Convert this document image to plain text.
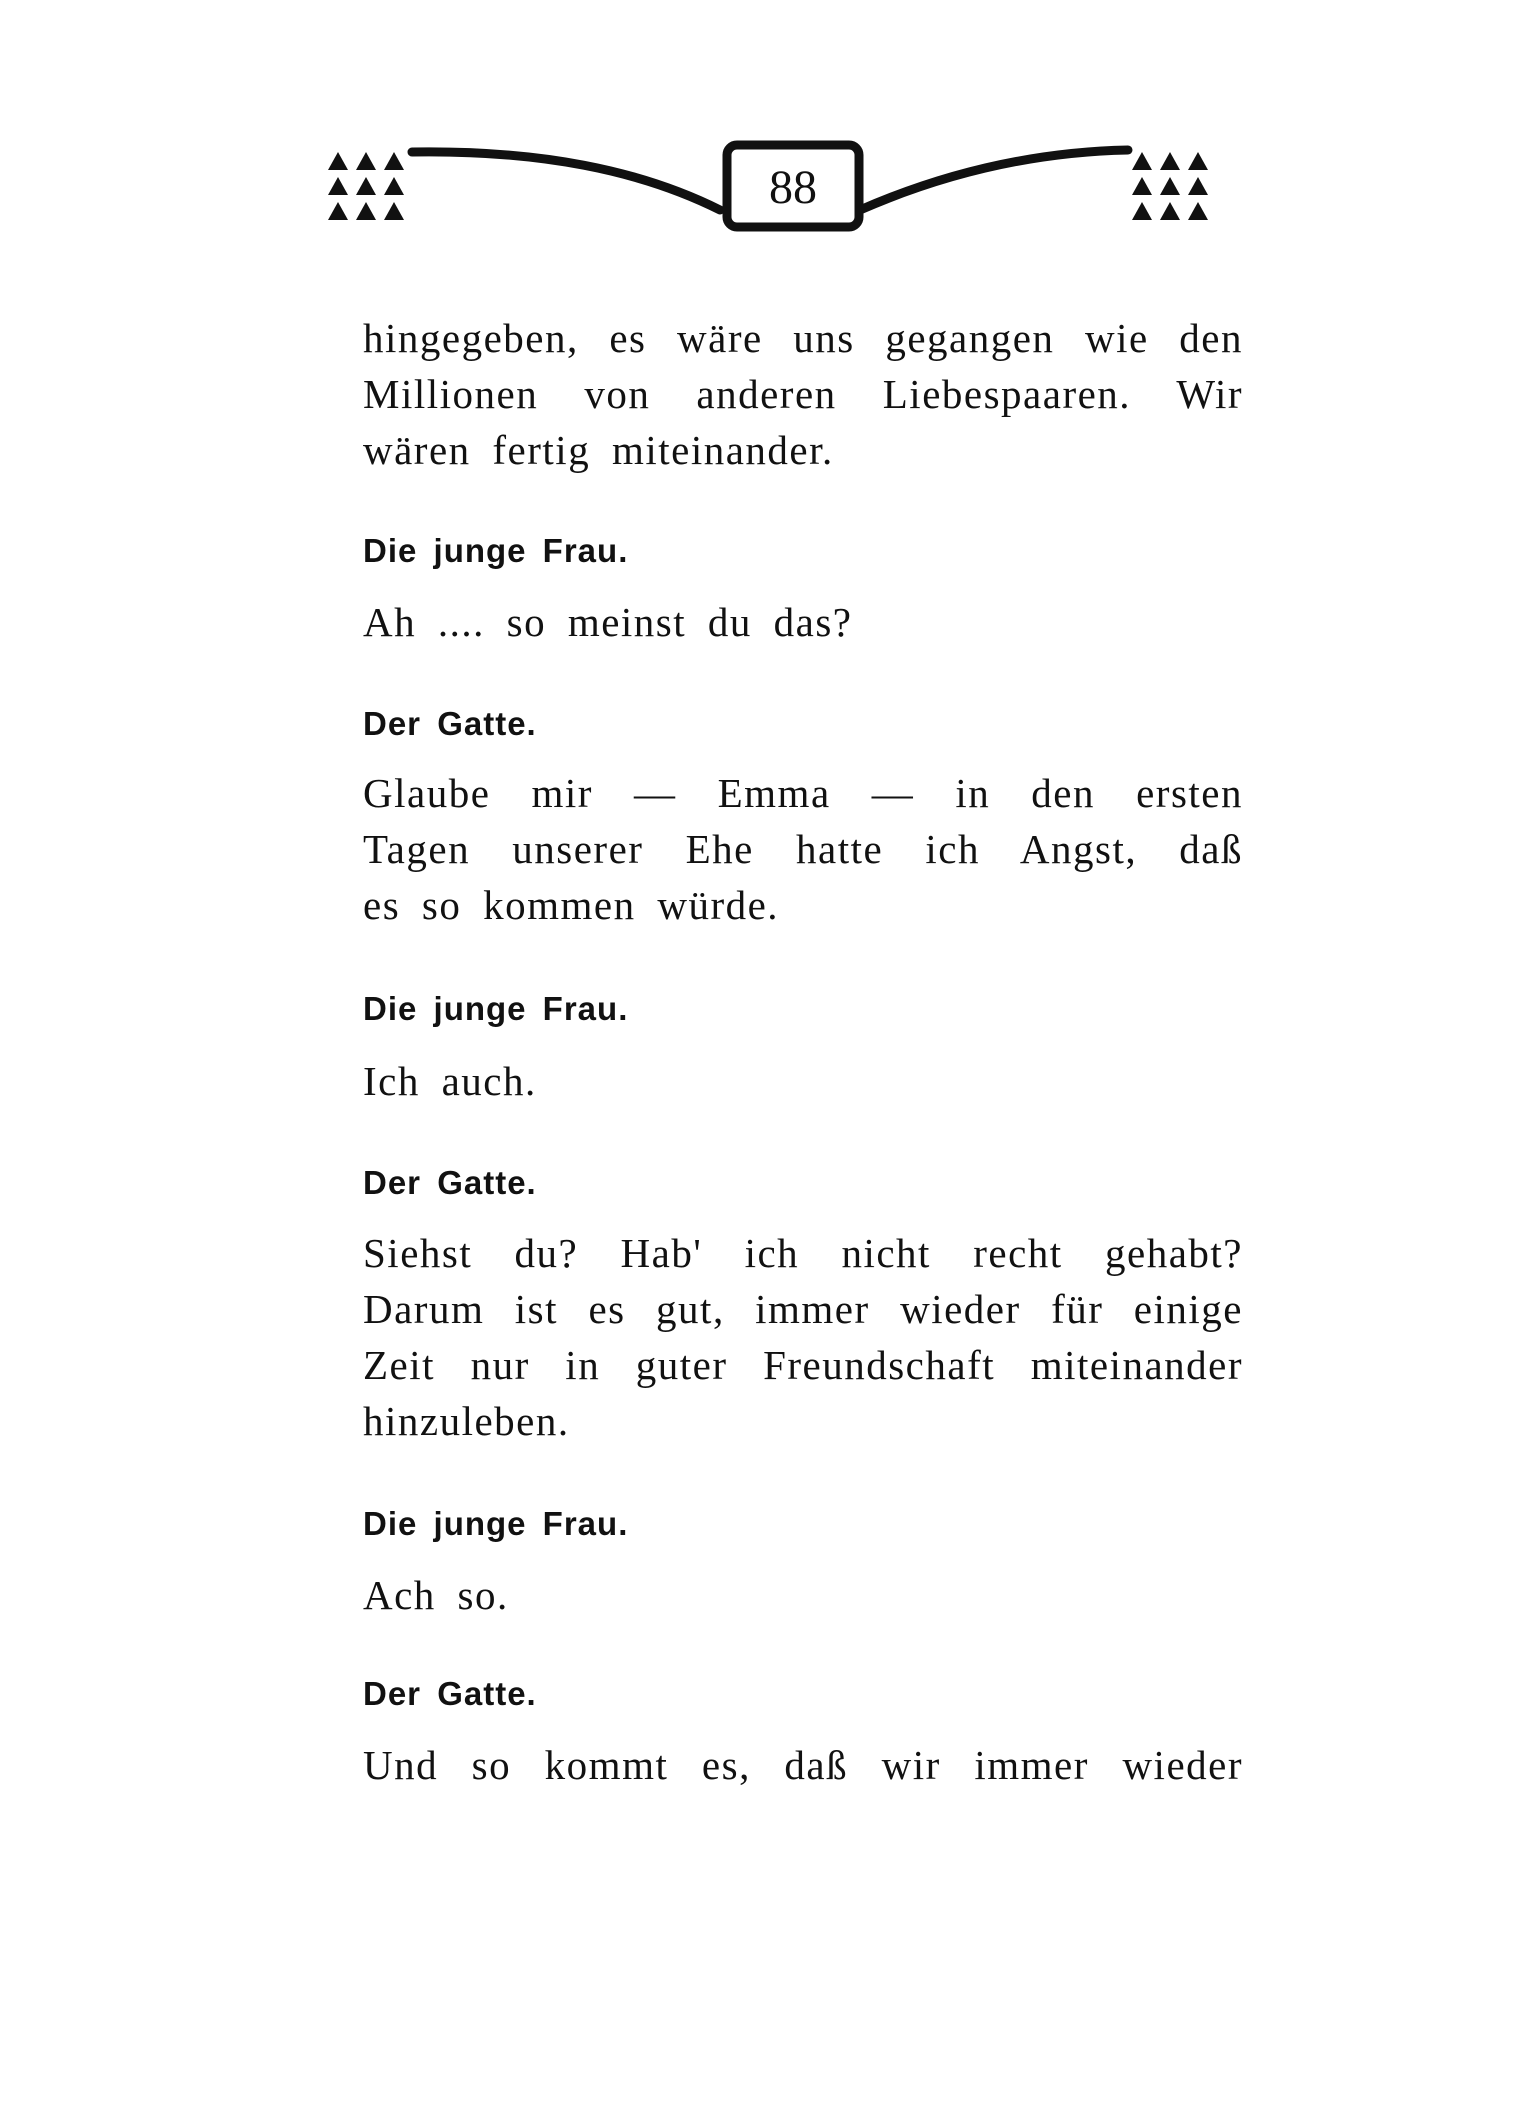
88
hingegeben, es wäre uns gegangen wie den
Millionen von anderen Liebespaaren. Wir
wären fertig miteinander.
Die junge Frau.
Ah .... so meinst du das?
Der Gatte.
Glaube mir — Emma — in den ersten
Tagen unserer Ehe hatte ich Angst, daß
es so kommen würde.
Die junge Frau.
Ich auch.
Der Gatte.
Siehst du? Hab' ich nicht recht gehabt?
Darum ist es gut, immer wieder für einige
Zeit nur in guter Freundschaft miteinander
hinzuleben.
Die junge Frau.
Ach so.
Der Gatte.
Und so kommt es, daß wir immer wieder
